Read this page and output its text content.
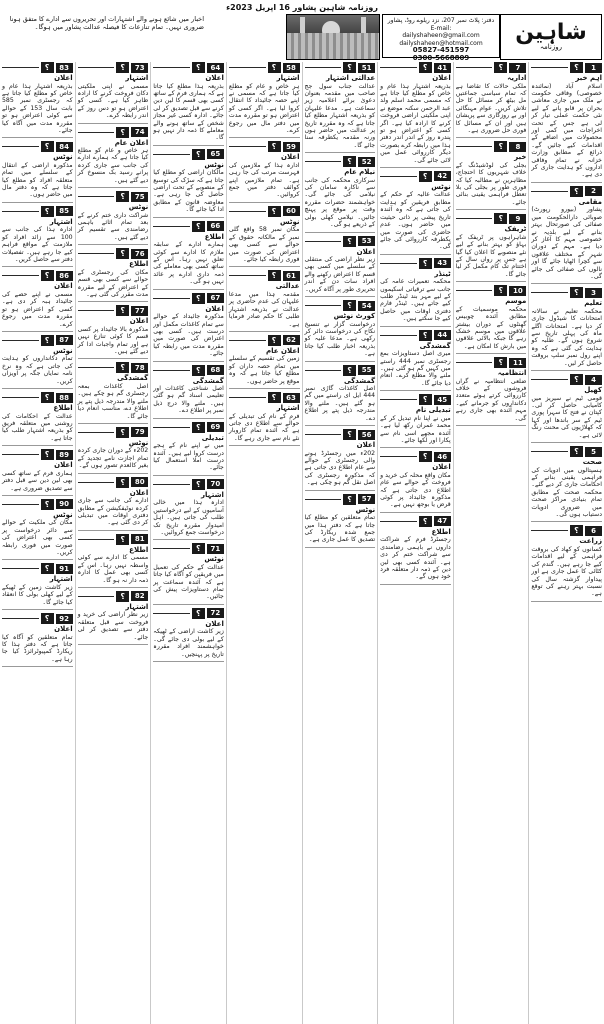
روزنامہ شاہین پشاور 16 اپریل 2023ء
شاہین
روزنامہ
دفتر: پلاٹ نمبر 207، نزد ریلوے روڈ، پشاور
E-mail:
dailyshaheen@gmail.com
dailyshaheen@hotmail.com
05827-451597
0300-5668809
اخبار میں شائع ہونے والے اشتہارات اور تحریروں سے ادارے کا متفق ہونا ضروری نہیں۔ تمام تنازعات کا فیصلہ عدالت پشاور میں ہوگا۔
1
؟
اہم خبر
اسلام آباد (نمائندہ خصوصی) وفاقی حکومت نے ملک میں جاری معاشی بحران پر قابو پانے کے لیے نئی حکمت عملی تیار کر لی ہے جس کے تحت اخراجات میں کمی اور محصولات میں اضافے کے اقدامات کیے جائیں گے۔ ذرائع کے مطابق وزارت خزانہ نے تمام وفاقی اداروں کو ہدایت جاری کر دی ہے۔
2
؟
مقامی
پشاور (بیورو رپورٹ) صوبائی دارالحکومت میں صفائی کی صورتحال بہتر بنانے کے لیے بلدیہ نے خصوصی مہم کا آغاز کر دیا ہے۔ مہم کے دوران شہر کے مختلف علاقوں سے کچرا اٹھایا جائے گا اور نالوں کی صفائی کی جائے گی۔
3
؟
تعلیم
محکمہ تعلیم نے سالانہ امتحانات کا شیڈول جاری کر دیا ہے۔ امتحانات اگلے ماہ کی پہلی تاریخ سے شروع ہوں گے۔ طلبہ کو ہدایت کی گئی ہے کہ وہ اپنے رول نمبر سلپ بروقت حاصل کر لیں۔
4
؟
کھیل
قومی ٹیم نے سیریز میں کامیابی حاصل کر لی۔ کپتان نے فتح کا سہرا پوری ٹیم کے سر باندھا اور کہا کہ کھلاڑیوں کی محنت رنگ لائی ہے۔
5
؟
صحت
ہسپتالوں میں ادویات کی فراہمی یقینی بنانے کے احکامات جاری کر دیے گئے۔ محکمہ صحت کے مطابق تمام بنیادی مراکز صحت میں ضروری ادویات دستیاب ہوں گی۔
6
؟
زراعت
کسانوں کو کھاد کی بروقت فراہمی کے لیے اقدامات کیے جا رہے ہیں۔ گندم کی کٹائی کا عمل جاری ہے اور پیداوار گزشتہ سال کی نسبت بہتر رہنے کی توقع ہے۔
7
؟
اداریہ
ملکی حالات کا تقاضا ہے کہ تمام سیاسی جماعتیں مل بیٹھ کر مسائل کا حل تلاش کریں۔ عوام مہنگائی اور بے روزگاری سے پریشان ہیں اور ان کے مسائل کا فوری حل ضروری ہے۔
8
؟
خبر
بجلی کی لوڈشیڈنگ کے خلاف شہریوں کا احتجاج، مظاہرین نے مطالبہ کیا کہ فوری طور پر بجلی کی بلا تعطل فراہمی یقینی بنائی جائے۔
9
؟
ٹریفک
شاہراہوں پر ٹریفک کے بہاؤ کو بہتر بنانے کے لیے نئے منصوبے کا اعلان کیا گیا ہے جس پر رواں سال کے اختتام تک کام مکمل کر لیا جائے گا۔
10
؟
موسم
محکمہ موسمیات کے مطابق آئندہ چوبیس گھنٹوں کے دوران بیشتر علاقوں میں موسم خشک رہے گا جبکہ بالائی علاقوں میں بارش کا امکان ہے۔
11
؟
انتظامیہ
ضلعی انتظامیہ نے گراں فروشوں کے خلاف کارروائی کرتے ہوئے متعدد دکانداروں کو جرمانے کیے۔ مہم آئندہ بھی جاری رہے گی۔
41
؟
اعلان
بذریعہ اشتہار ہذا عام و خاص کو مطلع کیا جاتا ہے کہ مسمی محمد اسلم ولد عبد الرحمن سکنہ موضع نے اپنی ملکیتی اراضی فروخت کرنے کا ارادہ کیا ہے۔ اگر کسی کو اعتراض ہو تو پندرہ روز کے اندر اندر دفتر ہذا میں رابطہ کرے بصورت دیگر کارروائی عمل میں لائی جائے گی۔
42
؟
نوٹس
عدالت عالیہ کے حکم کے مطابق فریقین کو ہدایت کی جاتی ہے کہ وہ آئندہ تاریخ پیشی پر ذاتی حیثیت میں حاضر ہوں۔ عدم حاضری کی صورت میں یکطرفہ کارروائی کی جائے گی۔
43
؟
ٹینڈر
محکمہ تعمیرات عامہ کی جانب سے ترقیاتی اسکیموں کے لیے مہر بند ٹینڈر طلب کیے جاتے ہیں۔ ٹینڈر فارم دفتری اوقات میں حاصل کیے جا سکتے ہیں۔
44
؟
گمشدگی
میری اصل دستاویزات بمع رجسٹری نمبر 444 راستے میں کہیں گم ہو گئی ہیں۔ ملنے والا مطلع کرے۔ انعام دیا جائے گا۔
45
؟
تبدیلی نام
میں نے اپنا نام تبدیل کر کے محمد عمران رکھ لیا ہے۔ آئندہ مجھے اسی نام سے پکارا اور لکھا جائے۔
46
؟
اعلان
مکان واقع محلہ کی خرید و فروخت کے حوالے سے عام اطلاع دی جاتی ہے کہ مذکورہ جائیداد پر کوئی قرض یا بوجھ نہیں ہے۔
47
؟
اطلاع
رجسٹرڈ فرم کے شراکت داروں نے باہمی رضامندی سے شراکت ختم کر دی ہے۔ آئندہ کسی بھی لین دین کے ذمہ دار متعلقہ فرد خود ہوں گے۔
51
؟
عدالتی اشتہار
عدالت جناب سول جج صاحب میں مقدمہ بعنوان دعویٰ برائے اعلامیہ زیر سماعت ہے۔ مدعا علیہان کو بذریعہ اشتہار مطلع کیا جاتا ہے کہ وہ مقررہ تاریخ پر عدالت میں حاضر ہوں ورنہ مقدمہ یکطرفہ سنا جائے گا۔
52
؟
نیلام عام
سرکاری محکمہ کی جانب سے ناکارہ سامان کی نیلامی کی جائے گی۔ خواہشمند حضرات مقررہ وقت پر موقع پر پہنچ جائیں۔ نیلامی کھلی بولی کے ذریعے ہو گی۔
53
؟
اعلان
زیر نظر اراضی کی منتقلی کے سلسلے میں کسی بھی قسم کا اعتراض رکھنے والے افراد سات دن کے اندر تحریری طور پر آگاہ کریں۔
54
؟
کورٹ نوٹس
درخواست گزار نے تنسیخ نکاح کی درخواست دائر کر رکھی ہے۔ مدعا علیہ کو بذریعہ اخبار طلب کیا جاتا ہے۔
55
؟
گمشدگی
اصل کاغذات گاڑی نمبر 444 ایل ای راستے میں گم ہو گئے ہیں۔ ملنے والا مندرجہ ذیل پتے پر اطلاع دے۔
56
؟
اعلان
202ء میں رجسٹرڈ ہونے والی رجسٹری کے حوالے سے عام اطلاع دی جاتی ہے کہ مذکورہ رجسٹری کی اصل نقل گم ہو چکی ہے۔
57
؟
نوٹس
تمام متعلقین کو مطلع کیا جاتا ہے کہ دفتر ہذا میں جمع شدہ ریکارڈ کی تصدیق کا عمل جاری ہے۔
58
؟
اشتہار
ہر خاص و عام کو مطلع کیا جاتا ہے کہ مسمی نے اپنے حصہ جائیداد کا انتقال کروا لیا ہے۔ اگر کسی کو اعتراض ہو تو مقررہ مدت میں دفتر مال میں رجوع کرے۔
59
؟
اعلان
ادارہ ہذا کے ملازمین کی فہرست مرتب کی جا رہی ہے۔ تمام ملازمین اپنے کوائف دفتر میں جمع کروائیں۔
60
؟
نوٹس
مکان نمبر 58 واقع گلی نمبر کے مالکانہ حقوق کے حوالے سے کسی بھی اعتراض کی صورت میں فوری رابطہ کیا جائے۔
61
؟
عدالتی
مقدمہ ہٰذا میں مدعا علیہان کی عدم حاضری پر عدالت نے بذریعہ اشتہار طلبی کا حکم صادر فرمایا ہے۔
62
؟
اعلان عام
زمین کی تقسیم کے سلسلے میں تمام حصہ داران کو مطلع کیا جاتا ہے کہ وہ موقع پر حاضر ہوں۔
63
؟
اشتہار
فرم کے نام کی تبدیلی کے حوالے سے اطلاع دی جاتی ہے کہ آئندہ تمام کاروبار نئے نام سے جاری رہے گا۔
64
؟
اعلان
بذریعہ ہذا مطلع کیا جاتا ہے کہ ہماری فرم کے ساتھ کسی بھی قسم کا لین دین کرنے سے قبل تصدیق کر لی جائے۔ ادارہ کسی غیر مجاز شخص کے ساتھ ہونے والے معاملے کا ذمہ دار نہیں ہو گا۔
65
؟
نوٹس
مالکان اراضی کو مطلع کیا جاتا ہے کہ سڑک کی توسیع کے منصوبے کے تحت اراضی حاصل کی جا رہی ہے۔ معاوضہ قانون کے مطابق ادا کیا جائے گا۔
66
؟
اطلاع
ہمارے ادارے کے سابقہ ملازم کا ادارے سے کوئی تعلق نہیں رہا۔ اس کے ساتھ کسی بھی معاملے کی ذمہ داری ادارے پر عائد نہیں ہو گی۔
67
؟
اعلان
مذکورہ جائیداد کے حوالے سے تمام کاغذات مکمل اور درست ہیں۔ کسی بھی اعتراض کی صورت میں مقررہ مدت میں رابطہ کیا جائے۔
68
؟
گمشدگی
اصل شناختی کاغذات اور تعلیمی اسناد گم ہو گئی ہیں۔ ملنے والا درج ذیل نمبر پر اطلاع دے۔
69
؟
تبدیلی
میں نے اپنے نام کے ہجے درست کروا لیے ہیں۔ آئندہ درست املا استعمال کیا جائے۔
70
؟
اشتہار
ادارہ ہذا میں خالی آسامیوں کے لیے درخواستیں طلب کی جاتی ہیں۔ اہل امیدوار مقررہ تاریخ تک درخواست جمع کروائیں۔
71
؟
نوٹس
عدالت کے حکم کی تعمیل میں فریقین کو آگاہ کیا جاتا ہے کہ آئندہ سماعت پر تمام دستاویزات پیش کی جائیں۔
72
؟
اعلان
زیر کاشت اراضی کے ٹھیکہ کے لیے بولی دی جائے گی۔ خواہشمند افراد مقررہ تاریخ پر پہنچیں۔
73
؟
اشتہار
مسمی نے اپنی ملکیتی دکان فروخت کرنے کا ارادہ ظاہر کیا ہے۔ کسی کو اعتراض ہو تو دس روز کے اندر رابطہ کرے۔
74
؟
اعلان عام
ہر خاص و عام کو مطلع کیا جاتا ہے کہ ہمارے ادارے کی جانب سے جاری کردہ پرانے رسید بک منسوخ کر دیے گئے ہیں۔
75
؟
نوٹس
شراکت داری ختم کرنے کے بعد تمام اثاثے باہمی رضامندی سے تقسیم کر دیے گئے ہیں۔
76
؟
اطلاع
مکان کی رجسٹری کے حوالے سے کسی بھی قسم کے اعتراض کے لیے مقررہ مدت مقرر کی گئی ہے۔
77
؟
اعلان
مذکورہ بالا جائیداد پر کسی قسم کا کوئی تنازع نہیں ہے اور تمام واجبات ادا کر دیے گئے ہیں۔
78
؟
گمشدگی
اصل کاغذات بمعہ رجسٹری گم ہو چکے ہیں۔ ملنے والا مندرجہ ذیل پتے پر اطلاع دے، مناسب انعام دیا جائے گا۔
79
؟
نوٹس
202ء کے دوران جاری کردہ تمام اجازت نامے تجدید کے بغیر کالعدم تصور ہوں گے۔
80
؟
اعلان
ادارے کی جانب سے جاری کردہ نوٹیفکیشن کے مطابق دفتری اوقات میں تبدیلی کر دی گئی ہے۔
81
؟
اطلاع
مسمی کا ادارے سے کوئی واسطہ نہیں رہا۔ اس کے کسی بھی عمل کا ادارہ ذمہ دار نہ ہو گا۔
82
؟
اشتہار
زیر نظر اراضی کی خرید و فروخت سے قبل متعلقہ دفتر سے تصدیق کر لی جائے۔
83
؟
اعلان
بذریعہ اشتہار ہذا عام و خاص کو مطلع کیا جاتا ہے کہ رجسٹری نمبر 585 بابت سال 153 کے حوالے سے کوئی اعتراض ہو تو مقررہ مدت میں آگاہ کیا جائے۔
84
؟
نوٹس
مذکورہ اراضی کے انتقال کے سلسلے میں تمام متعلقہ افراد کو مطلع کیا جاتا ہے کہ وہ دفتر مال میں حاضر ہوں۔
85
؟
اشتہار
ادارہ ہذا کی جانب سے 100 سے زائد افراد کو ملازمت کے مواقع فراہم کیے جا رہے ہیں۔ تفصیلات دفتر سے حاصل کریں۔
86
؟
اعلان
مسمی نے اپنے حصے کی جائیداد ہبہ کر دی ہے۔ کسی کو اعتراض ہو تو مقررہ مدت میں رجوع کرے۔
87
؟
نوٹس
تمام دکانداروں کو ہدایت کی جاتی ہے کہ وہ نرخ نامہ نمایاں جگہ پر آویزاں کریں۔
88
؟
اطلاع
عدالت کے احکامات کی روشنی میں متعلقہ فریق کو بذریعہ اشتہار طلب کیا جاتا ہے۔
89
؟
اعلان
ہماری فرم کے ساتھ کسی بھی لین دین سے قبل دفتر سے تصدیق ضروری ہے۔
90
؟
نوٹس
مکان کی ملکیت کے حوالے سے دائر درخواست پر کسی بھی اعتراض کی صورت میں فوری رابطہ کریں۔
91
؟
اشتہار
زیر کاشت زمین کے ٹھیکے کے لیے کھلی بولی کا انعقاد کیا جائے گا۔
92
؟
اعلان
تمام متعلقین کو آگاہ کیا جاتا ہے کہ دفتر ہذا کا ریکارڈ کمپیوٹرائزڈ کیا جا رہا ہے۔
